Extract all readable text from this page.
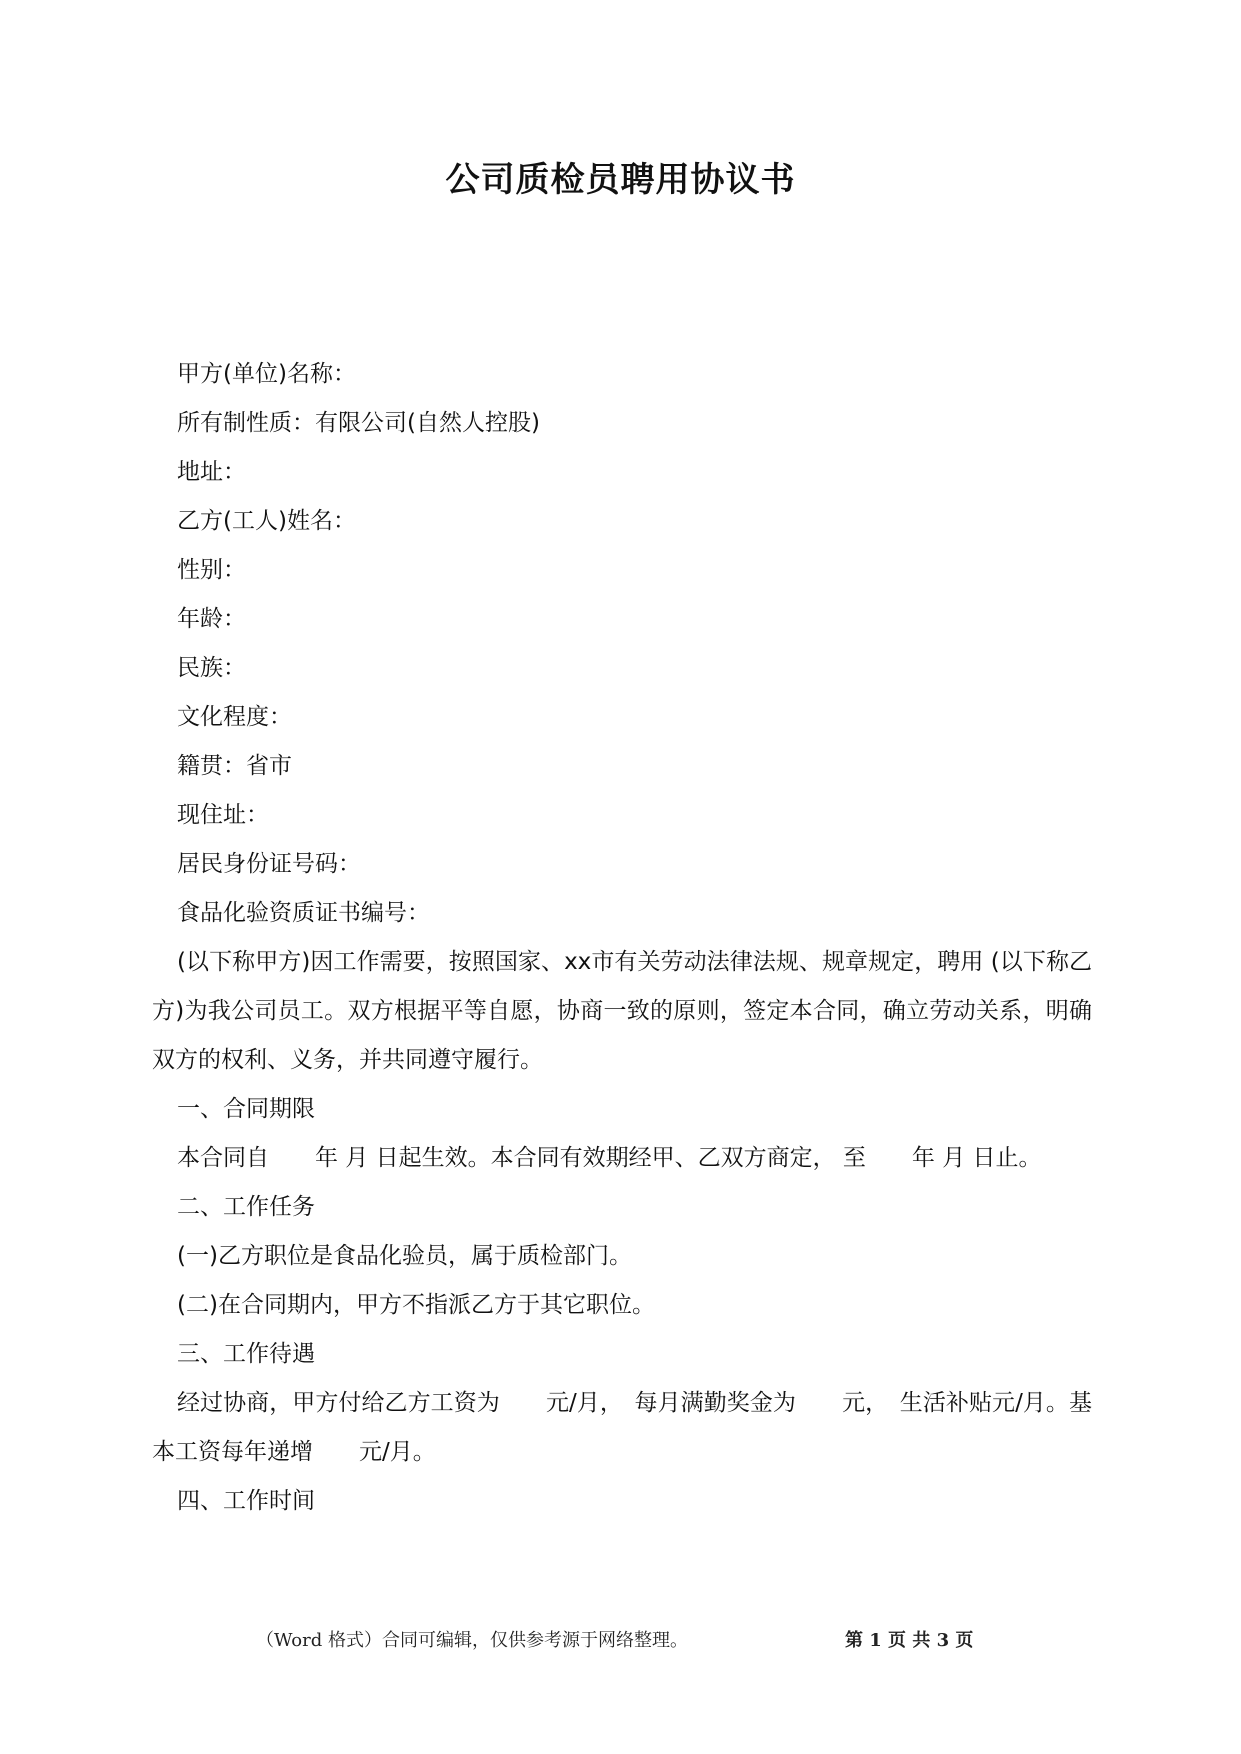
公司质检员聘用协议书
甲方(单位)名称：
所有制性质：有限公司(自然人控股)
地址：
乙方(工人)姓名：
性别：
年龄：
民族：
文化程度：
籍贯：省市
现住址：
居民身份证号码：
食品化验资质证书编号：

(以下称甲方)因工作需要，按照国家、xx市有关劳动法律法规、规章规定，聘用 (以下称乙方)为我公司员工。双方根据平等自愿，协商一致的原则，签定本合同，确立劳动关系，明确双方的权利、义务，并共同遵守履行。

一、合同期限

本合同自　　年 月 日起生效。本合同有效期经甲、乙双方商定， 至　　年 月 日止。

二、工作任务
(一)乙方职位是食品化验员，属于质检部门。
(二)在合同期内，甲方不指派乙方于其它职位。
三、工作待遇

经过协商，甲方付给乙方工资为　　元/月，　每月满勤奖金为　　元，　生活补贴元/月。基本工资每年递增　　元/月。

四、工作时间
（Word 格式）合同可编辑，仅供参考源于网络整理。	第 1 页 共 3 页
